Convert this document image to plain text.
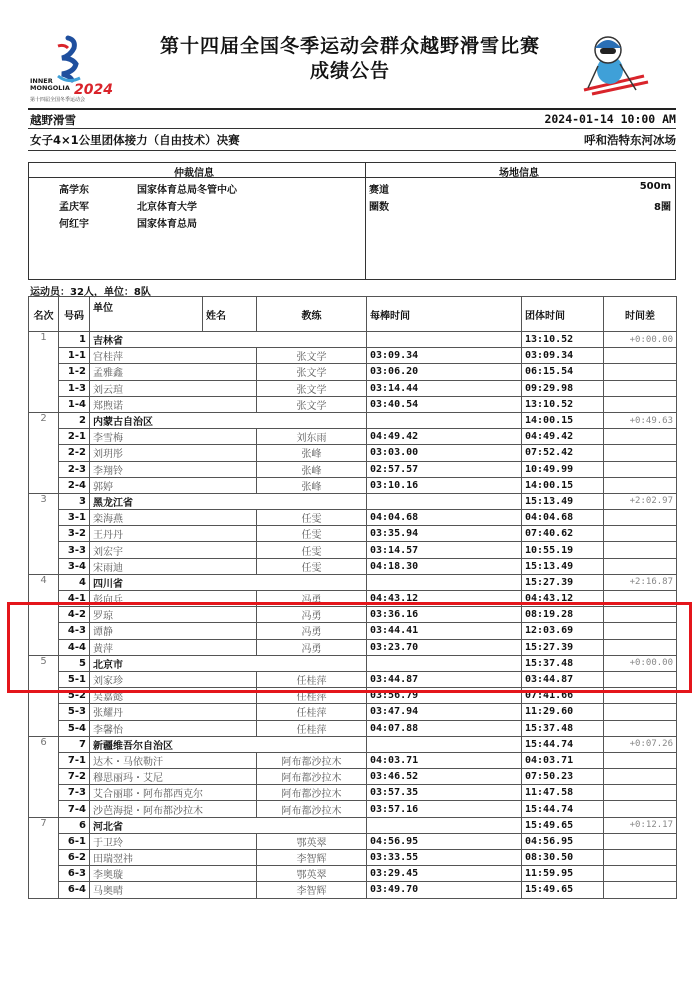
INNER
MONGOLIA 2024
第十四届全国冬季运动会
第十四届全国冬季运动会群众越野滑雪比赛
成绩公告
越野滑雪	2024-01-14 10:00 AM
女子4×1公里团体接力（自由技术）决赛	呼和浩特东河冰场
仲裁信息	场地信息
高学东	国家体育总局冬管中心
孟庆军	北京体育大学
何红宇	国家体育总局
赛道	500m
圈数	8圈
运动员：32人，单位：8队
名次	号码	单位	姓名	教练	每棒时间	团体时间	时间差
1	1	吉林省				13:10.52	+0:00.00
	1-1	宫桂萍		张文学	03:09.34	03:09.34	
	1-2	孟雅鑫		张文学	03:06.20	06:15.54	
	1-3	刘云瑄		张文学	03:14.44	09:29.98	
	1-4	郑煦诺		张文学	03:40.54	13:10.52	
2	2	内蒙古自治区				14:00.15	+0:49.63
	2-1	李雪梅		刘东雨	04:49.42	04:49.42	
	2-2	刘玥彤		张峰	03:03.00	07:52.42	
	2-3	李翔铃		张峰	02:57.57	10:49.99	
	2-4	郭婷		张峰	03:10.16	14:00.15	
3	3	黑龙江省				15:13.49	+2:02.97
	3-1	栾海燕		任雯	04:04.68	04:04.68	
	3-2	王丹丹		任雯	03:35.94	07:40.62	
	3-3	刘宏宇		任雯	03:14.57	10:55.19	
	3-4	宋雨迪		任雯	04:18.30	15:13.49	
4	4	四川省				15:27.39	+2:16.87
	4-1	彭向兵		冯勇	04:43.12	04:43.12	
	4-2	罗琼		冯勇	03:36.16	08:19.28	
	4-3	谭静		冯勇	03:44.41	12:03.69	
	4-4	黄萍		冯勇	03:23.70	15:27.39	
5	5	北京市				15:37.48	+0:00.00
	5-1	刘家珍		任桂萍	03:44.87	03:44.87	
	5-2	吴嘉懿		任桂萍	03:56.79	07:41.66	
	5-3	张耀丹		任桂萍	03:47.94	11:29.60	
	5-4	李馨怡		任桂萍	04:07.88	15:37.48	
6	7	新疆维吾尔自治区				15:44.74	+0:07.26
	7-1	达木・马依勒汗		阿布都沙拉木	04:03.71	04:03.71	
	7-2	穆思丽玛・艾尼		阿布都沙拉木	03:46.52	07:50.23	
	7-3	艾合丽耶・阿布都西克尔		阿布都沙拉木	03:57.35	11:47.58	
	7-4	沙芭海提・阿布都沙拉木		阿布都沙拉木	03:57.16	15:44.74	
7	6	河北省				15:49.65	+0:12.17
	6-1	于卫玲		鄂英翠	04:56.95	04:56.95	
	6-2	田瑞翌祎		李智辉	03:33.55	08:30.50	
	6-3	李奥璇		鄂英翠	03:29.45	11:59.95	
	6-4	马奥晴		李智辉	03:49.70	15:49.65	
